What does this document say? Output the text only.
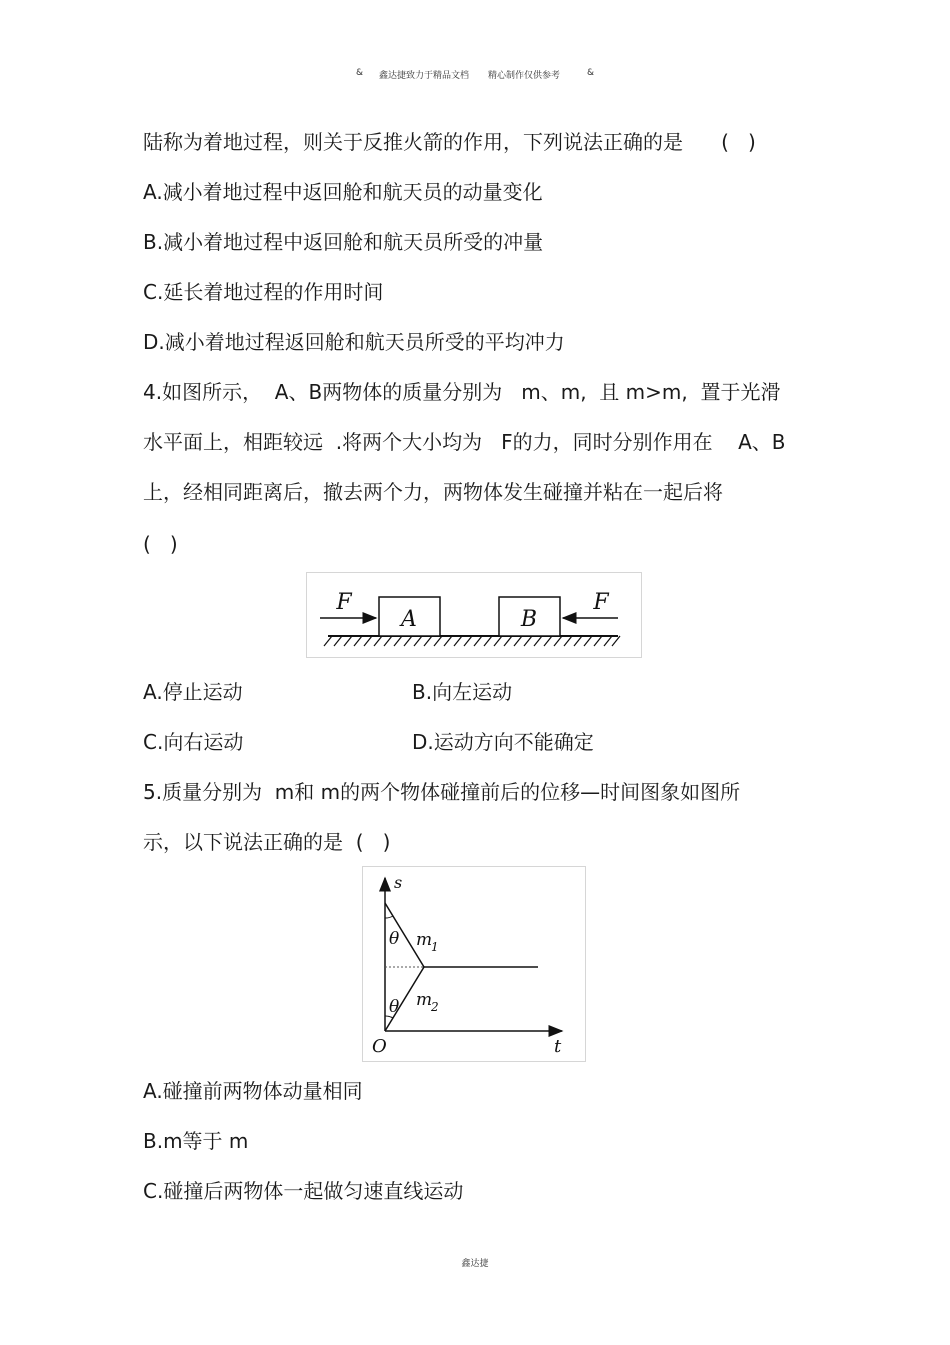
& 鑫达捷致力于精品文档 精心制作仅供参考	&
陆称为着地过程，则关于反推火箭的作用，下列说法正确的是      (   )
A.减小着地过程中返回舱和航天员的动量变化
B.减小着地过程中返回舱和航天员所受的冲量
C.延长着地过程的作用时间
D.减小着地过程返回舱和航天员所受的平均冲力
4.如图所示，  A、B两物体的质量分别为   m、m,  且 m>m,  置于光滑
水平面上，相距较远  .将两个大小均为   F的力，同时分别作用在    A、B
上，经相同距离后，撤去两个力，两物体发生碰撞并粘在一起后将
(   )
A	B
F	F
A.停止运动	B.向左运动
C.向右运动	D.运动方向不能确定
5.质量分别为  m和 m的两个物体碰撞前后的位移—时间图象如图所
示，以下说法正确的是  (   )
s
t
O
θ
θ
m
1
m
2
A.碰撞前两物体动量相同
B.m等于 m
C.碰撞后两物体一起做匀速直线运动
鑫达捷
